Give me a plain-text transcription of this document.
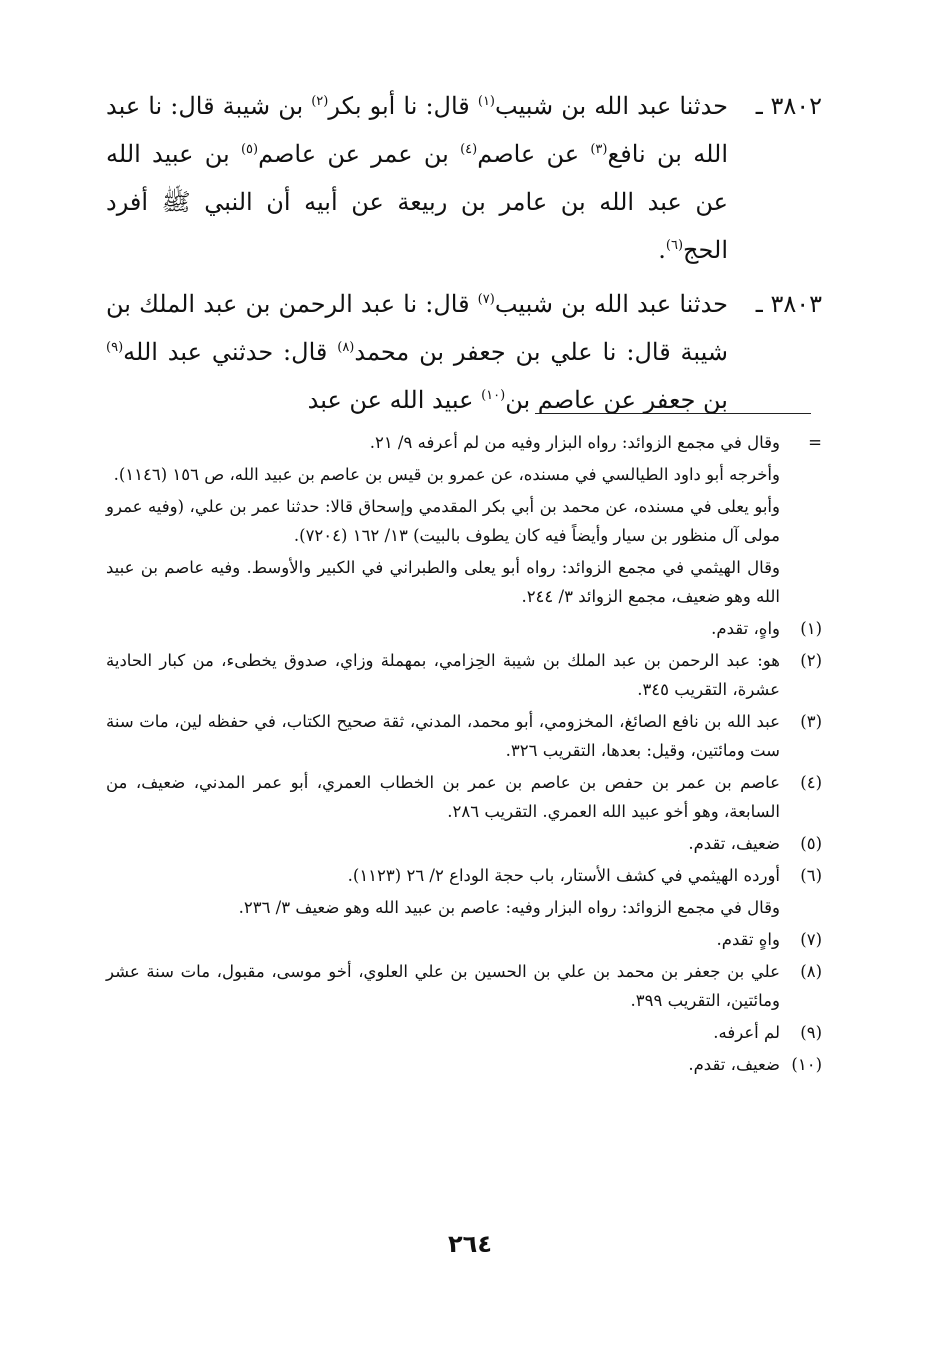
٣٨٠٢ ـ
حدثنا عبد الله بن شبيب$^{(١)}$ قال: نا أبو بكر$^{(٢)}$ بن شيبة قال: نا عبد الله بن نافع$^{(٣)}$ عن عاصم$^{(٤)}$ بن عمر عن عاصم$^{(٥)}$ بن عبيد الله عن عبد الله بن عامر بن ربيعة عن أبيه أن النبي ﷺ أفرد الحج$^{(٦)}$.
٣٨٠٣ ـ
حدثنا عبد الله بن شبيب$^{(٧)}$ قال: نا عبد الرحمن بن عبد الملك بن شيبة قال: نا علي بن جعفر بن محمد$^{(٨)}$ قال: حدثني عبد الله$^{(٩)}$ بن جعفر عن عاصم بن$^{(١٠)}$ عبيد الله عن عبد
=
وقال في مجمع الزوائد: رواه البزار وفيه من لم أعرفه ٩/ ٢١.
وأخرجه أبو داود الطيالسي في مسنده، عن عمرو بن قيس بن عاصم بن عبيد الله، ص ١٥٦ (١١٤٦).
وأبو يعلى في مسنده، عن محمد بن أبي بكر المقدمي وإسحاق قالا: حدثنا عمر بن علي، (وفيه عمرو مولى آل منظور بن سيار وأيضاً فيه كان يطوف بالبيت) ١٣/ ١٦٢ (٧٢٠٤).
وقال الهيثمي في مجمع الزوائد: رواه أبو يعلى والطبراني في الكبير والأوسط. وفيه عاصم بن عبيد الله وهو ضعيف، مجمع الزوائد ٣/ ٢٤٤.
(١)
واهٍ، تقدم.
(٢)
هو: عبد الرحمن بن عبد الملك بن شيبة الحِزامي، بمهملة وزاي، صدوق يخطىء، من كبار الحادية عشرة، التقريب ٣٤٥.
(٣)
عبد الله بن نافع الصائغ، المخزومي، أبو محمد، المدني، ثقة صحيح الكتاب، في حفظه لين، مات سنة ست ومائتين، وقيل: بعدها، التقريب ٣٢٦.
(٤)
عاصم بن عمر بن حفص بن عاصم بن عمر بن الخطاب العمري، أبو عمر المدني، ضعيف، من السابعة، وهو أخو عبيد الله العمري. التقريب ٢٨٦.
(٥)
ضعيف، تقدم.
(٦)
أورده الهيثمي في كشف الأستار، باب حجة الوداع ٢/ ٢٦ (١١٢٣).
وقال في مجمع الزوائد: رواه البزار وفيه: عاصم بن عبيد الله وهو ضعيف ٣/ ٢٣٦.
(٧)
واهٍ تقدم.
(٨)
علي بن جعفر بن محمد بن علي بن الحسين بن علي العلوي، أخو موسى، مقبول، مات سنة عشر ومائتين، التقريب ٣٩٩.
(٩)
لم أعرفه.
(١٠)
ضعيف، تقدم.
٢٦٤
